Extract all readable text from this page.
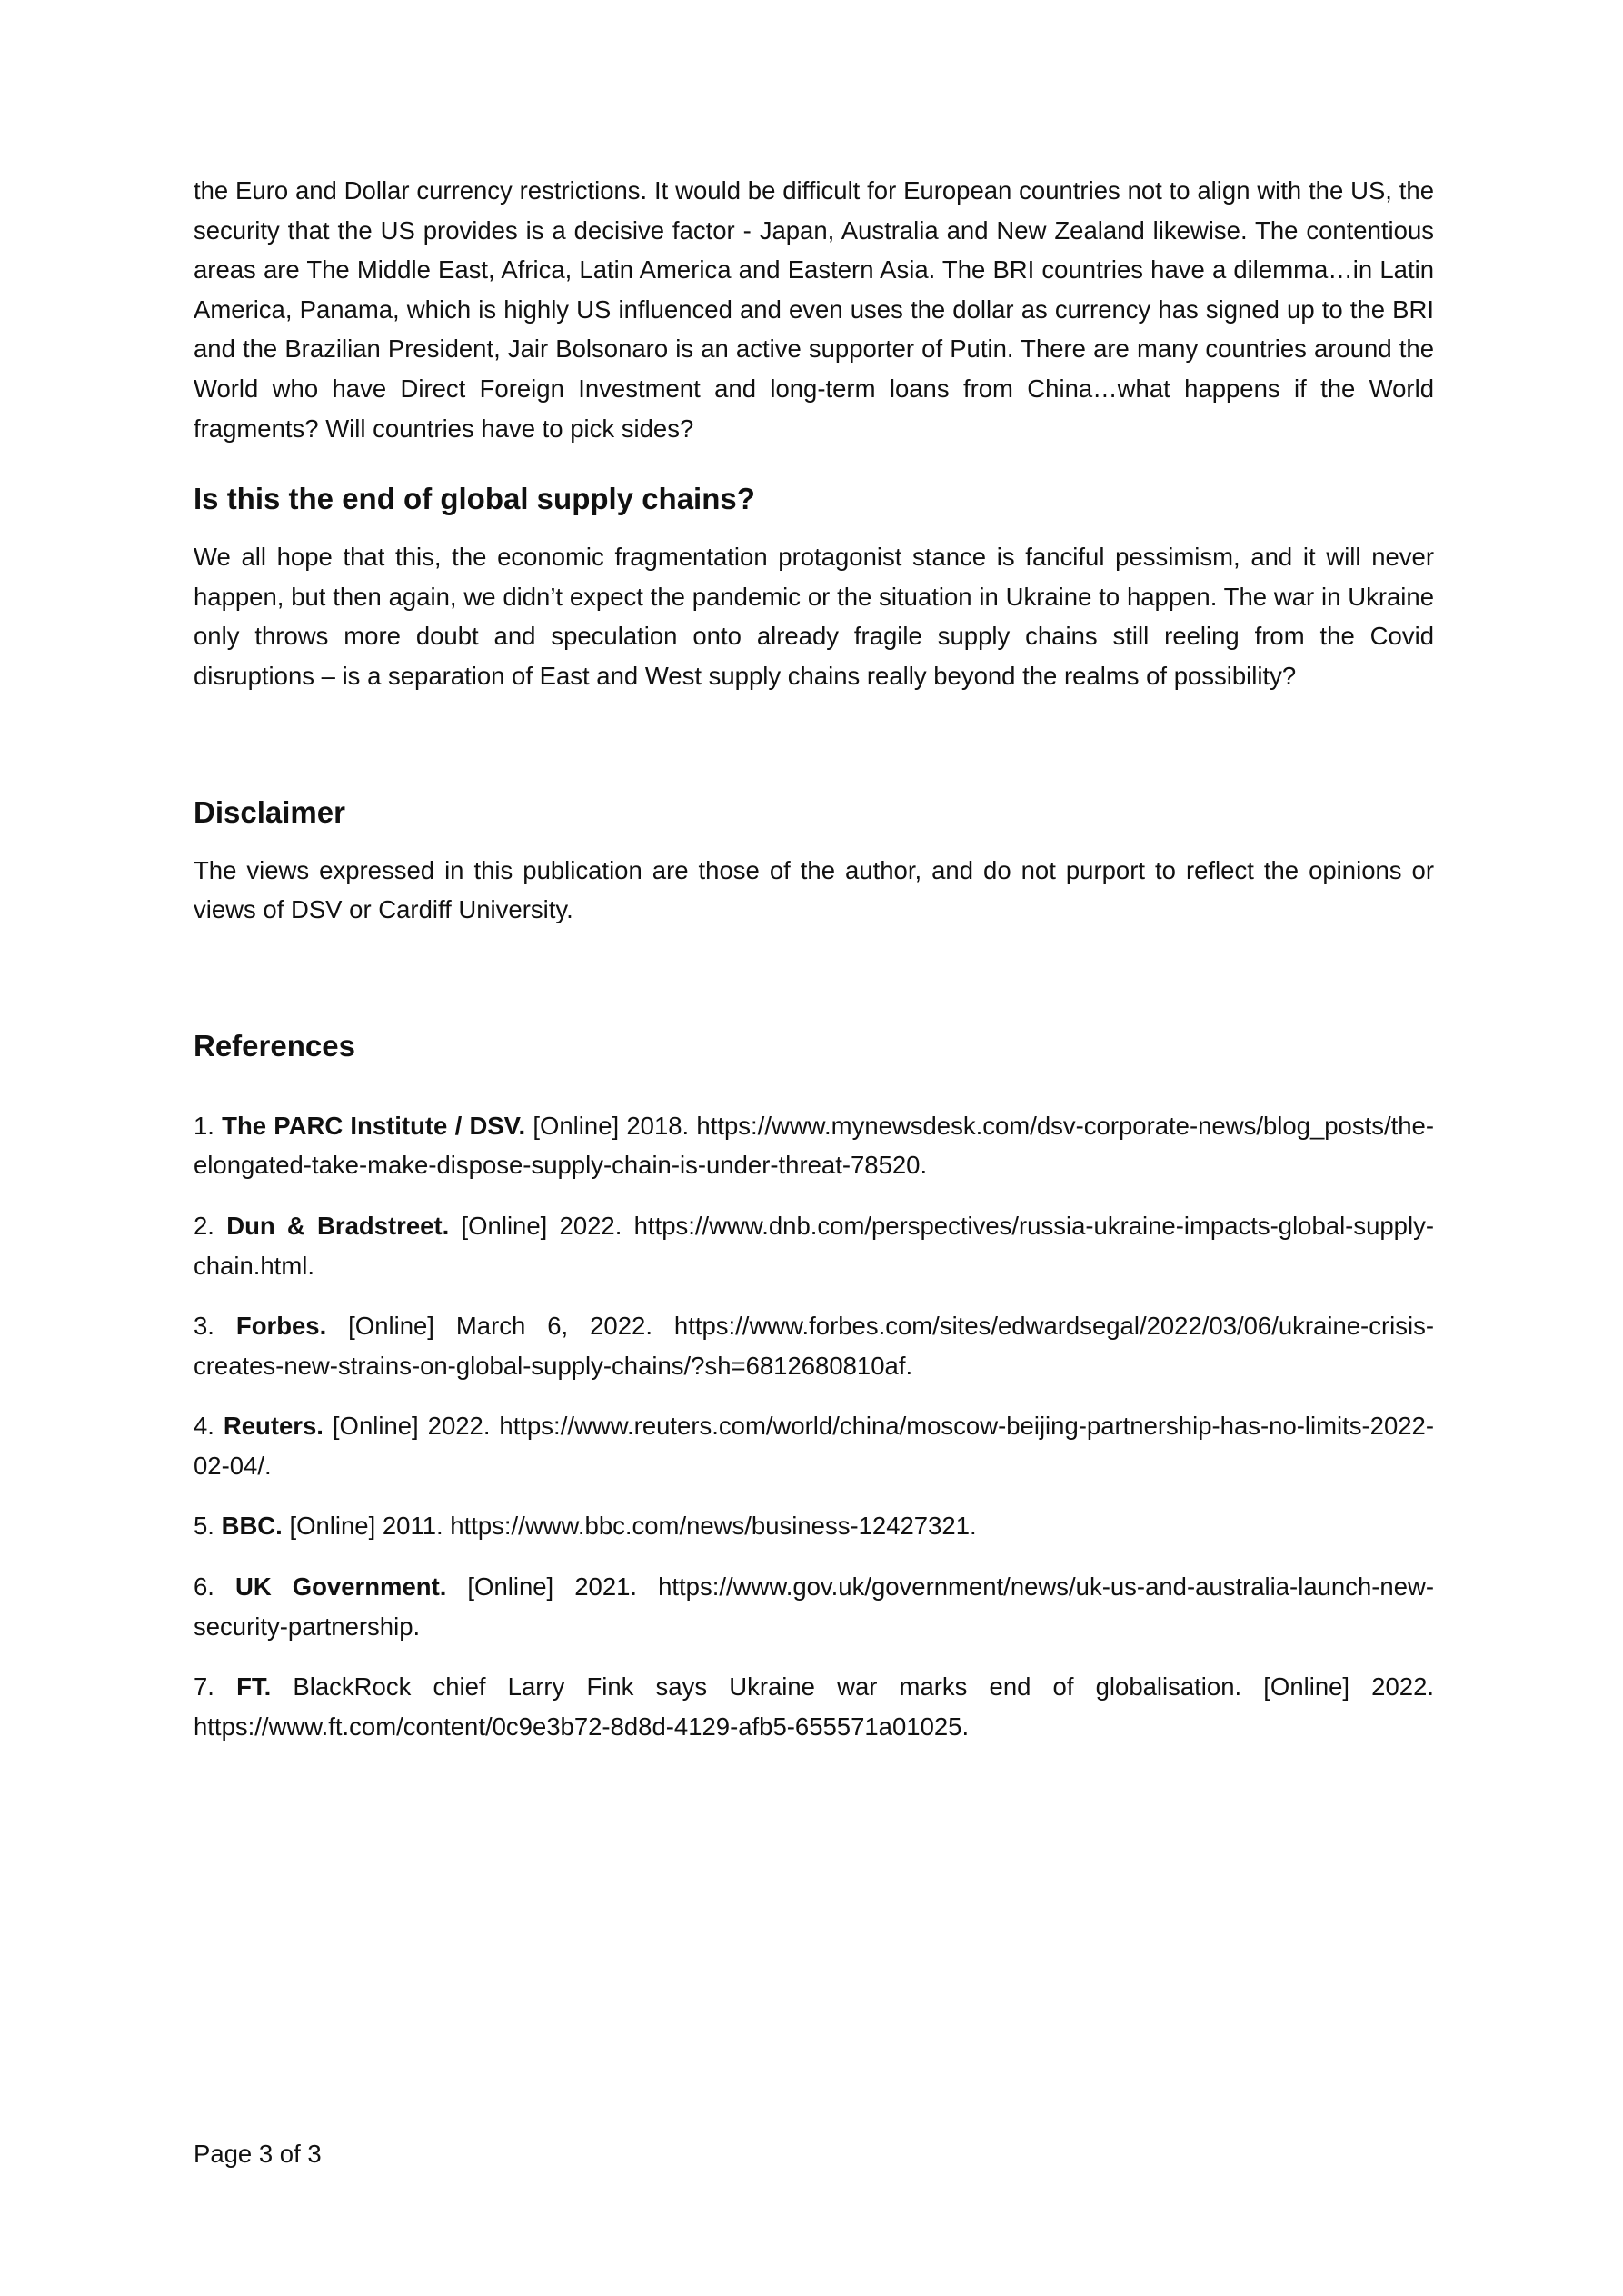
the Euro and Dollar currency restrictions. It would be difficult for European countries not to align with the US, the security that the US provides is a decisive factor - Japan, Australia and New Zealand likewise. The contentious areas are The Middle East, Africa, Latin America and Eastern Asia. The BRI countries have a dilemma…in Latin America, Panama, which is highly US influenced and even uses the dollar as currency has signed up to the BRI and the Brazilian President, Jair Bolsonaro is an active supporter of Putin. There are many countries around the World who have Direct Foreign Investment and long-term loans from China…what happens if the World fragments? Will countries have to pick sides?

Is this the end of global supply chains?

We all hope that this, the economic fragmentation protagonist stance is fanciful pessimism, and it will never happen, but then again, we didn’t expect the pandemic or the situation in Ukraine to happen. The war in Ukraine only throws more doubt and speculation onto already fragile supply chains still reeling from the Covid disruptions – is a separation of East and West supply chains really beyond the realms of possibility?

Disclaimer

The views expressed in this publication are those of the author, and do not purport to reflect the opinions or views of DSV or Cardiff University.

References

1. The PARC Institute / DSV. [Online] 2018. https://www.mynewsdesk.com/dsv-corporate-news/blog_posts/the-elongated-take-make-dispose-supply-chain-is-under-threat-78520.

2. Dun & Bradstreet. [Online] 2022. https://www.dnb.com/perspectives/russia-ukraine-impacts-global-supply-chain.html.

3. Forbes. [Online] March 6, 2022. https://www.forbes.com/sites/edwardsegal/2022/03/06/ukraine-crisis-creates-new-strains-on-global-supply-chains/?sh=6812680810af.

4. Reuters. [Online] 2022. https://www.reuters.com/world/china/moscow-beijing-partnership-has-no-limits-2022-02-04/.

5. BBC. [Online] 2011. https://www.bbc.com/news/business-12427321.

6. UK Government. [Online] 2021. https://www.gov.uk/government/news/uk-us-and-australia-launch-new-security-partnership.

7. FT. BlackRock chief Larry Fink says Ukraine war marks end of globalisation. [Online] 2022. https://www.ft.com/content/0c9e3b72-8d8d-4129-afb5-655571a01025.

Page 3 of 3
